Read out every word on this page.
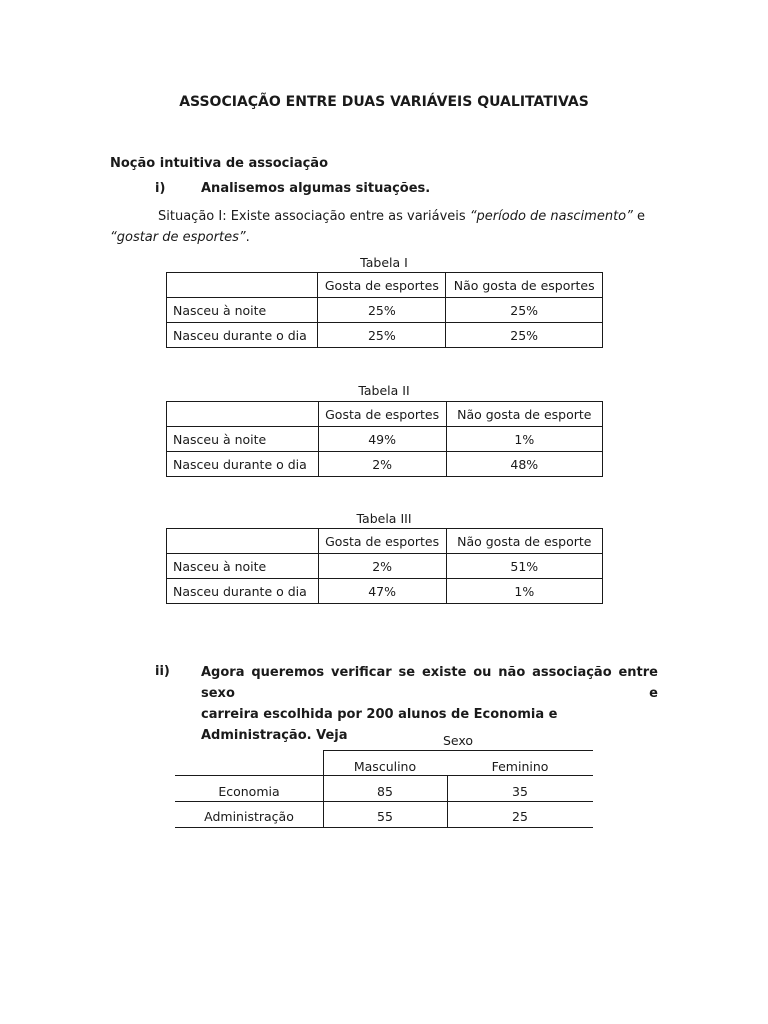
ASSOCIAÇÃO ENTRE DUAS VARIÁVEIS QUALITATIVAS
Noção intuitiva de associação
i)	Analisemos algumas situações.
Situação I: Existe associação entre as variáveis “período de nascimento” e “gostar de esportes”.
Tabela I
	Gosta de esportes	Não gosta de esportes
Nasceu à noite	25%	25%
Nasceu durante o dia	25%	25%
Tabela II
	Gosta de esportes	Não gosta de esporte
Nasceu à noite	49%	1%
Nasceu durante o dia	2%	48%
Tabela III
	Gosta de esportes	Não gosta de esporte
Nasceu à noite	2%	51%
Nasceu durante o dia	47%	1%
ii) Agora queremos verificar se existe ou não associação entre sexo e
carreira escolhida por 200 alunos de Economia e Administração. Veja	Sexo
Masculino	Feminino
Economia	85	35
Administração	55	25
